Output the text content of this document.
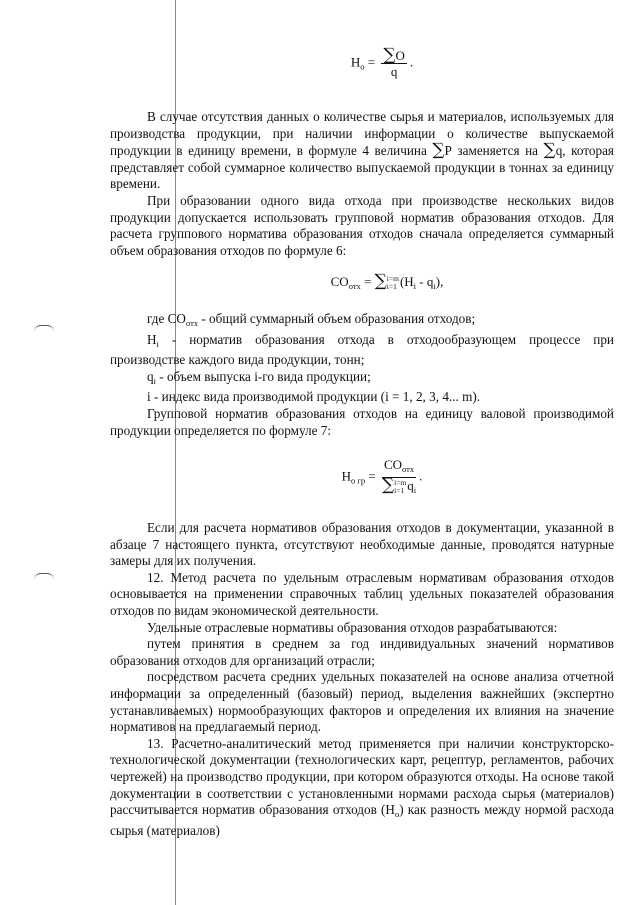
$Н_о = \frac{\sum О}{q}$ .

В случае отсутствия данных о количестве сырья и материалов, используемых для производства продукции, при наличии информации о количестве выпускаемой продукции в единицу времени, в формуле 4 величина ∑Р заменяется на ∑q, которая представляет собой суммарное количество выпускаемой продукции в тоннах за единицу времени.

При образовании одного вида отхода при производстве нескольких видов продукции допускается использовать групповой норматив образования отходов. Для расчета группового норматива образования отходов сначала определяется суммарный объем образования отходов по формуле 6:

$СО_{отх}$ = ∑ i=m
i=1 $(Н_i - q_i)$,

где $СО_{отх}$ - общий суммарный объем образования отходов;

$Н_i$ - норматив образования отхода в отходообразующем процессе при производстве каждого вида продукции, тонн;

$q_i$ - объем выпуска i-го вида продукции;

i - индекс вида производимой продукции (i = 1, 2, 3, 4... m).

Групповой норматив образования отходов на единицу валовой производимой продукции определяется по формуле 7:

$Н_{о гр} = СО_{отх}$
∑ i=m
i=1 $q_i$ .

Если для расчета нормативов образования отходов в документации, указанной в абзаце 7 настоящего пункта, отсутствуют необходимые данные, проводятся натурные замеры для их получения.

12. Метод расчета по удельным отраслевым нормативам образования отходов основывается на применении справочных таблиц удельных показателей образования отходов по видам экономической деятельности.

Удельные отраслевые нормативы образования отходов разрабатываются:

путем принятия в среднем за год индивидуальных значений нормативов образования отходов для организаций отрасли;

посредством расчета средних удельных показателей на основе анализа отчетной информации за определенный (базовый) период, выделения важнейших (экспертно устанавливаемых) нормообразующих факторов и определения их влияния на значение нормативов на предлагаемый период.

13. Расчетно-аналитический метод применяется при наличии конструкторско-технологической документации (технологических карт, рецептур, регламентов, рабочих чертежей) на производство продукции, при котором образуются отходы. На основе такой документации в соответствии с установленными нормами расхода сырья (материалов) рассчитывается норматив образования отходов $(Н_о)$ как разность между нормой расхода сырья (материалов)
